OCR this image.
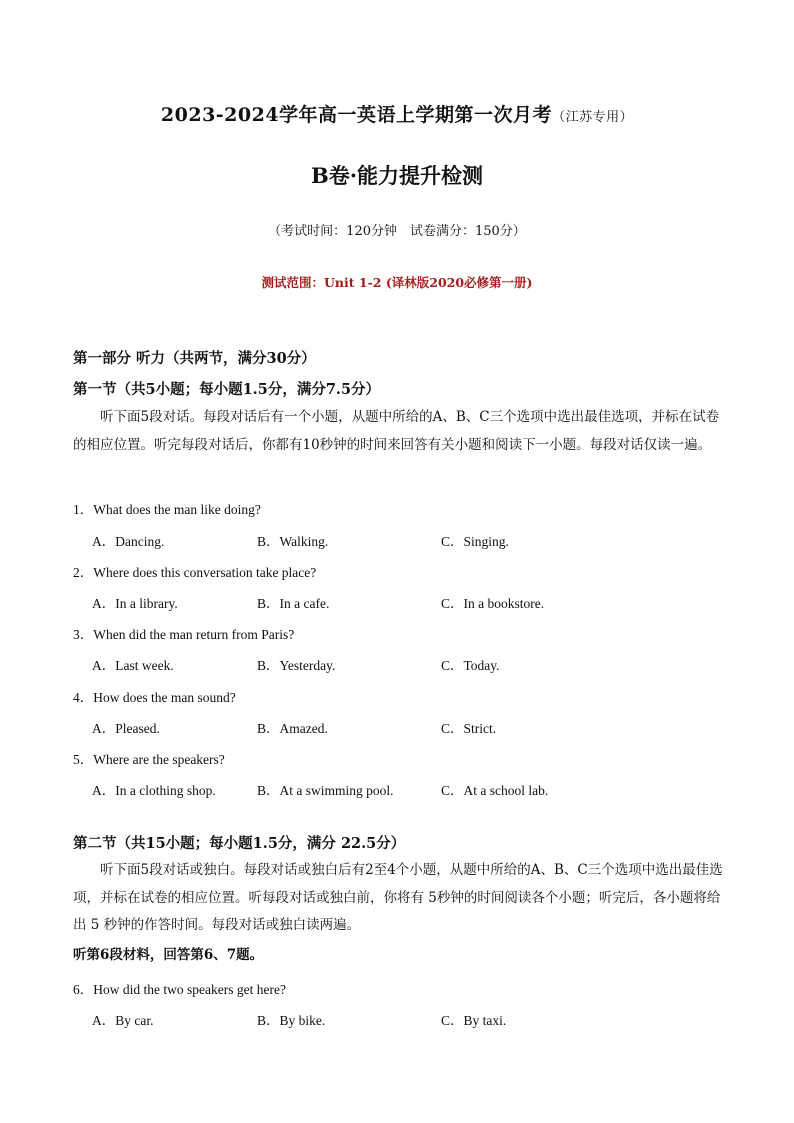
2023-2024学年高一英语上学期第一次月考（江苏专用）
B卷·能力提升检测
（考试时间：120分钟　试卷满分：150分）
测试范围：Unit 1-2 (译林版2020必修第一册)
第一部分 听力（共两节，满分30分）
第一节（共5小题；每小题1.5分，满分7.5分）
听下面5段对话。每段对话后有一个小题，从题中所给的A、B、C三个选项中选出最佳选项，并标在试卷的相应位置。听完每段对话后，你都有10秒钟的时间来回答有关小题和阅读下一小题。每段对话仅读一遍。
1．What does the man like doing?
A．Dancing.	B．Walking.	C．Singing.
2．Where does this conversation take place?
A．In a library.	B．In a cafe.	C．In a bookstore.
3．When did the man return from Paris?
A．Last week.	B．Yesterday.	C．Today.
4．How does the man sound?
A．Pleased.	B．Amazed.	C．Strict.
5．Where are the speakers?
A．In a clothing shop.	B．At a swimming pool.	C．At a school lab.
第二节（共15小题；每小题1.5分，满分 22.5分）
听下面5段对话或独白。每段对话或独白后有2至4个小题，从题中所给的A、B、C三个选项中选出最佳选项，并标在试卷的相应位置。听每段对话或独白前，你将有 5秒钟的时间阅读各个小题；听完后，各小题将给出 5 秒钟的作答时间。每段对话或独白读两遍。
听第6段材料，回答第6、7题。
6．How did the two speakers get here?
A．By car.	B．By bike.	C．By taxi.
